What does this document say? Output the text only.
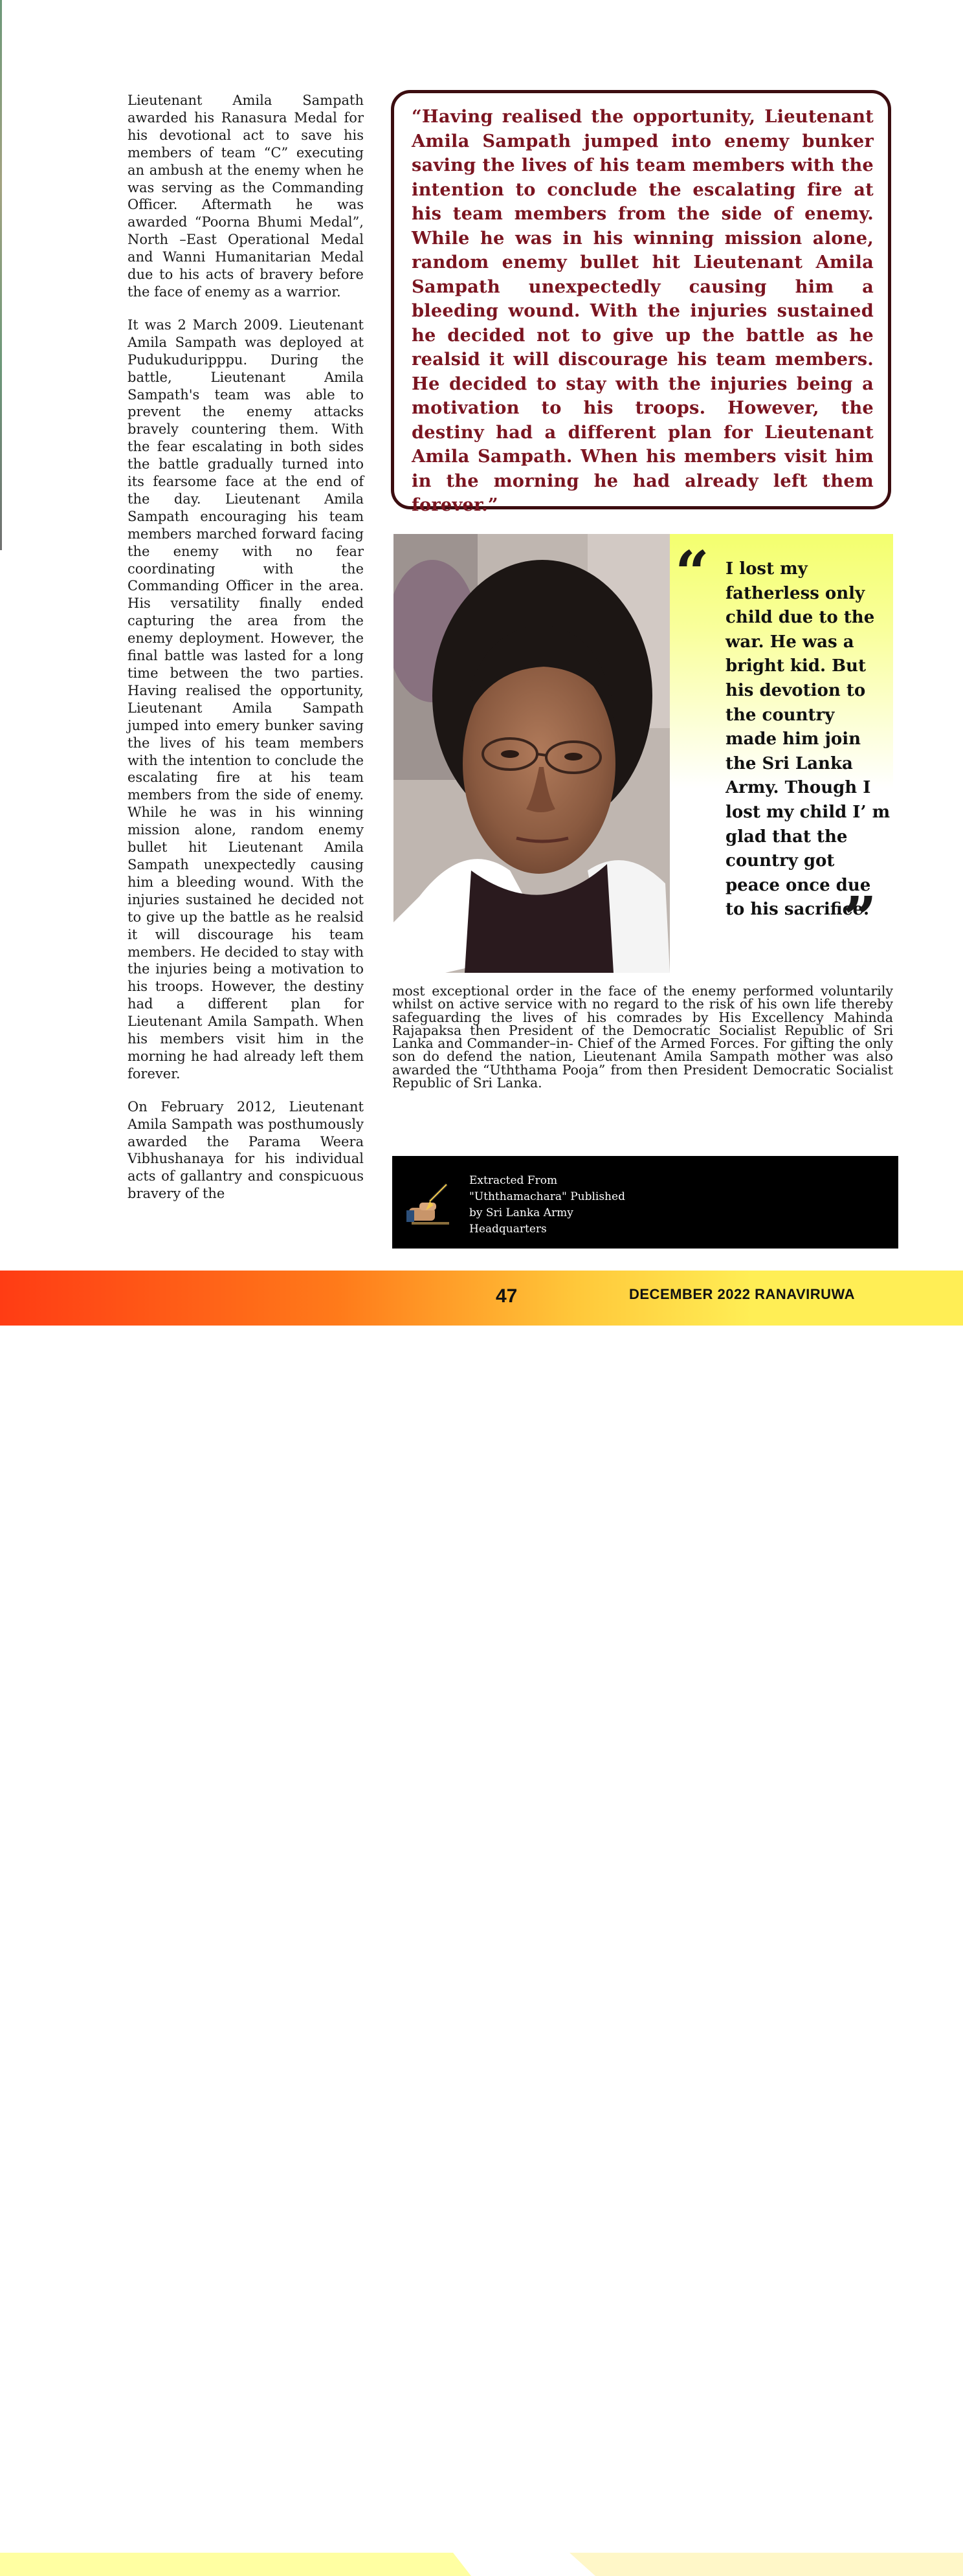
Lieutenant Amila Sampath awarded his Ranasura Medal for his devotional act to save his members of team “C” executing an ambush at the enemy when he was serving as the Commanding Officer. Aftermath he was awarded “Poorna Bhumi Medal”, North –East Operational Medal and Wanni Humanitarian Medal due to his acts of bravery before the face of enemy as a warrior.

It was 2 March 2009. Lieutenant Amila Sampath was deployed at Pudukuduripppu. During the battle, Lieutenant Amila Sampath's team was able to prevent the enemy attacks bravely countering them. With the fear escalating in both sides the battle gradually turned into its fearsome face at the end of the day. Lieutenant Amila Sampath encouraging his team members marched forward facing the enemy with no fear coordinating with the Commanding Officer in the area. His versatility finally ended capturing the area from the enemy deployment. However, the final battle was lasted for a long time between the two parties. Having realised the opportunity, Lieutenant Amila Sampath jumped into emery bunker saving the lives of his team members with the intention to conclude the escalating fire at his team members from the side of enemy. While he was in his winning mission alone, random enemy bullet hit Lieutenant Amila Sampath unexpectedly causing him a bleeding wound. With the injuries sustained he decided not to give up the battle as he realsid it will discourage his team members. He decided to stay with the injuries being a motivation to his troops. However, the destiny had a different plan for Lieutenant Amila Sampath. When his members visit him in the morning he had already left them forever.

On February 2012, Lieutenant Amila Sampath was posthumously awarded the Parama Weera Vibhushanaya for his individual acts of gallantry and conspicuous bravery of the

“Having realised the opportunity, Lieutenant Amila Sampath jumped into enemy bunker saving the lives of his team members with the intention to conclude the escalating fire at his team members from the side of enemy. While he was in his winning mission alone, random enemy bullet hit Lieutenant Amila Sampath unexpectedly causing him a bleeding wound. With the injuries sustained he decided not to give up the battle as he realsid it will discourage his team members. He decided to stay with the injuries being a motivation to his troops. However, the destiny had a different plan for Lieutenant Amila Sampath. When his members visit him in the morning he had already left them forever.”

“ I lost my fatherless only child due to the war. He was a bright kid. But his devotion to the country made him join the Sri Lanka Army. Though I lost my child I’ m glad that the country got peace once due to his sacrifice.

”

most exceptional order in the face of the enemy performed voluntarily whilst on active service with no regard to the risk of his own life thereby safeguarding the lives of his comrades by His Excellency Mahinda Rajapaksa then President of the Democratic Socialist Republic of Sri Lanka and Commander–in- Chief of the Armed Forces. For gifting the only son do defend the nation, Lieutenant Amila Sampath mother was also awarded the “Uththama Pooja” from then President Democratic Socialist Republic of Sri Lanka.

Extracted From
"Uththamachara" Published
by Sri Lanka Army
Headquarters

47	DECEMBER 2022 RANAVIRUWA
